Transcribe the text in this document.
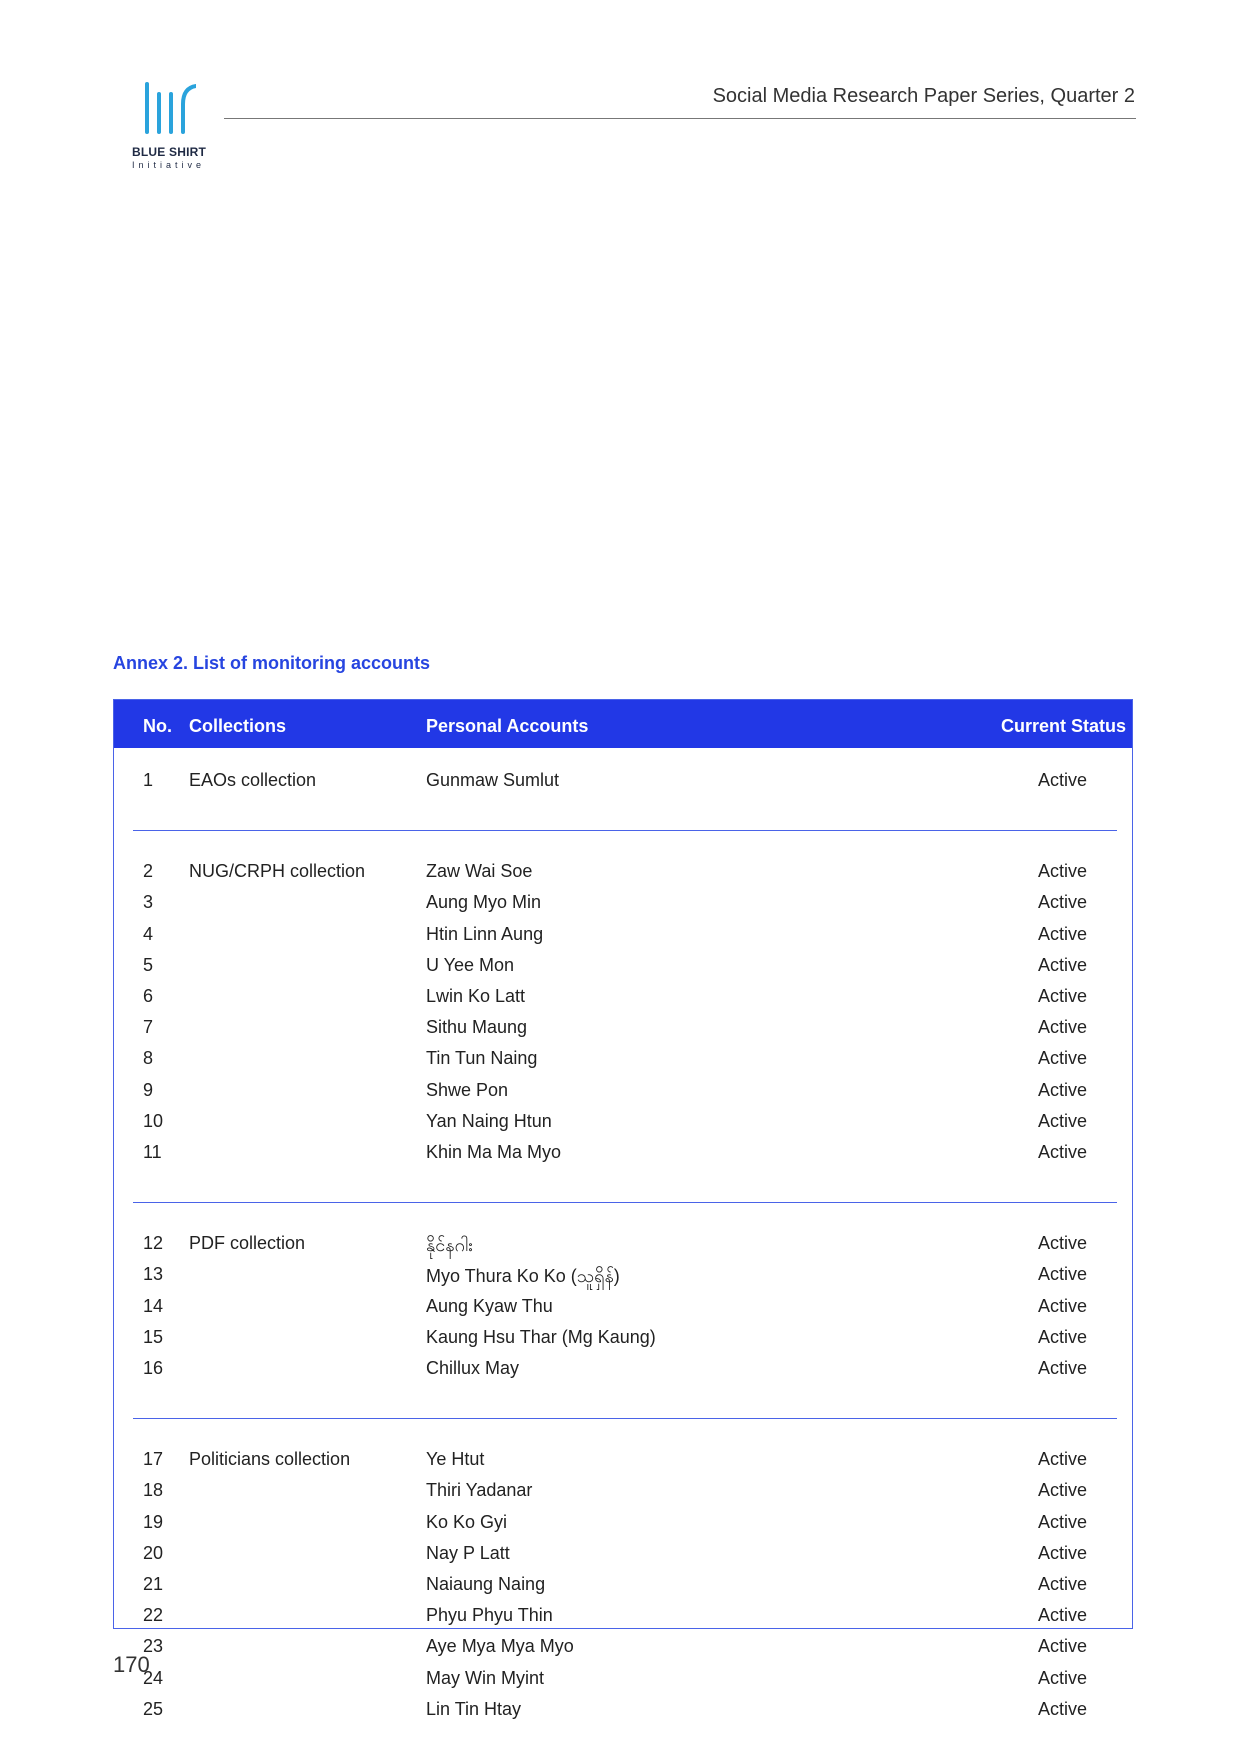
BLUE SHIRT
Initiative
Social Media Research Paper Series, Quarter 2
Annex 2. List of monitoring accounts
No. Collections	Personal Accounts	Current Status
1 EAOs collection	Gunmaw Sumlut	Active
2 NUG/CRPH collection	Zaw Wai Soe	Active
3	Aung Myo Min	Active
4	Htin Linn Aung	Active
5	U Yee Mon	Active
6	Lwin Ko Latt	Active
7	Sithu Maung	Active
8	Tin Tun Naing	Active
9	Shwe Pon	Active
10	Yan Naing Htun	Active
11	Khin Ma Ma Myo	Active
12 PDF collection	နိုင်နဂါး	Active
13	Myo Thura Ko Ko (သူရှိန်)	Active
14	Aung Kyaw Thu	Active
15	Kaung Hsu Thar (Mg Kaung)	Active
16	Chillux May	Active
17 Politicians collection	Ye Htut	Active
18	Thiri Yadanar	Active
19	Ko Ko Gyi	Active
20	Nay P Latt	Active
21	Naiaung Naing	Active
22	Phyu Phyu Thin	Active
23	Aye Mya Mya Myo	Active
24	May Win Myint	Active
25	Lin Tin Htay	Active
170
